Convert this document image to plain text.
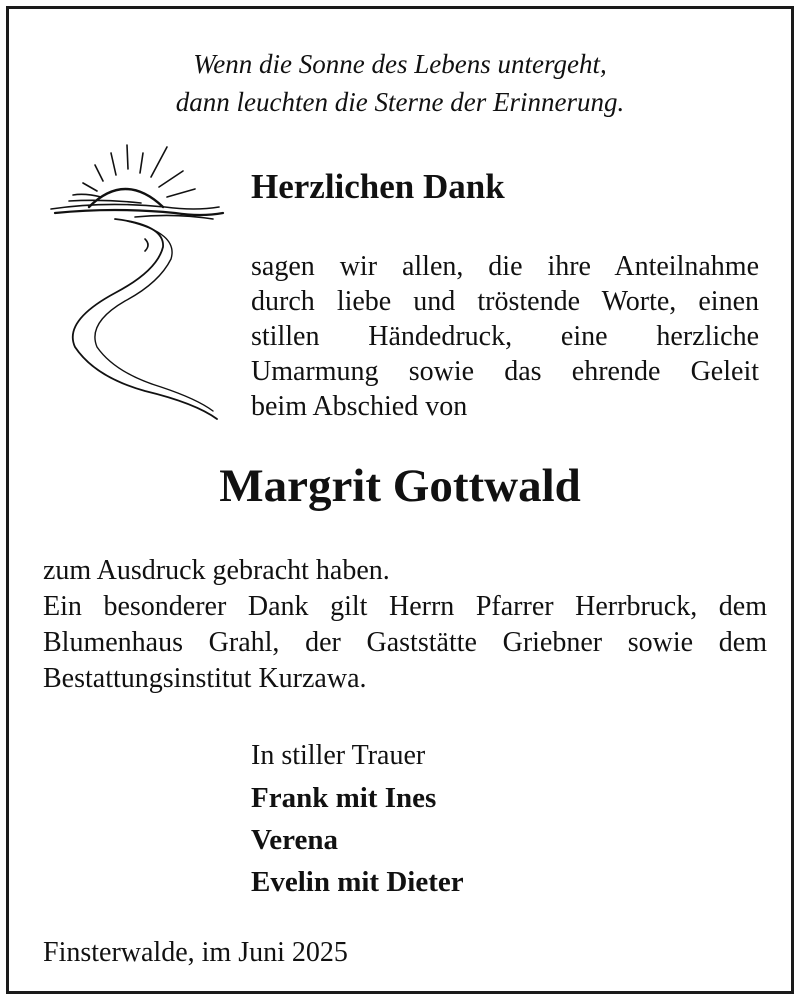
Wenn die Sonne des Lebens untergeht,
dann leuchten die Sterne der Erinnerung.
Herzlichen Dank
sagen wir allen, die ihre Anteilnahme
durch liebe und tröstende Worte, einen
stillen Händedruck, eine herzliche
Umarmung sowie das ehrende Geleit
beim Abschied von
Margrit Gottwald
zum Ausdruck gebracht haben.
Ein besonderer Dank gilt Herrn Pfarrer Herrbruck, dem
Blumenhaus Grahl, der Gaststätte Griebner sowie dem
Bestattungsinstitut Kurzawa.
In stiller Trauer
Frank mit Ines
Verena
Evelin mit Dieter
Finsterwalde, im Juni 2025
